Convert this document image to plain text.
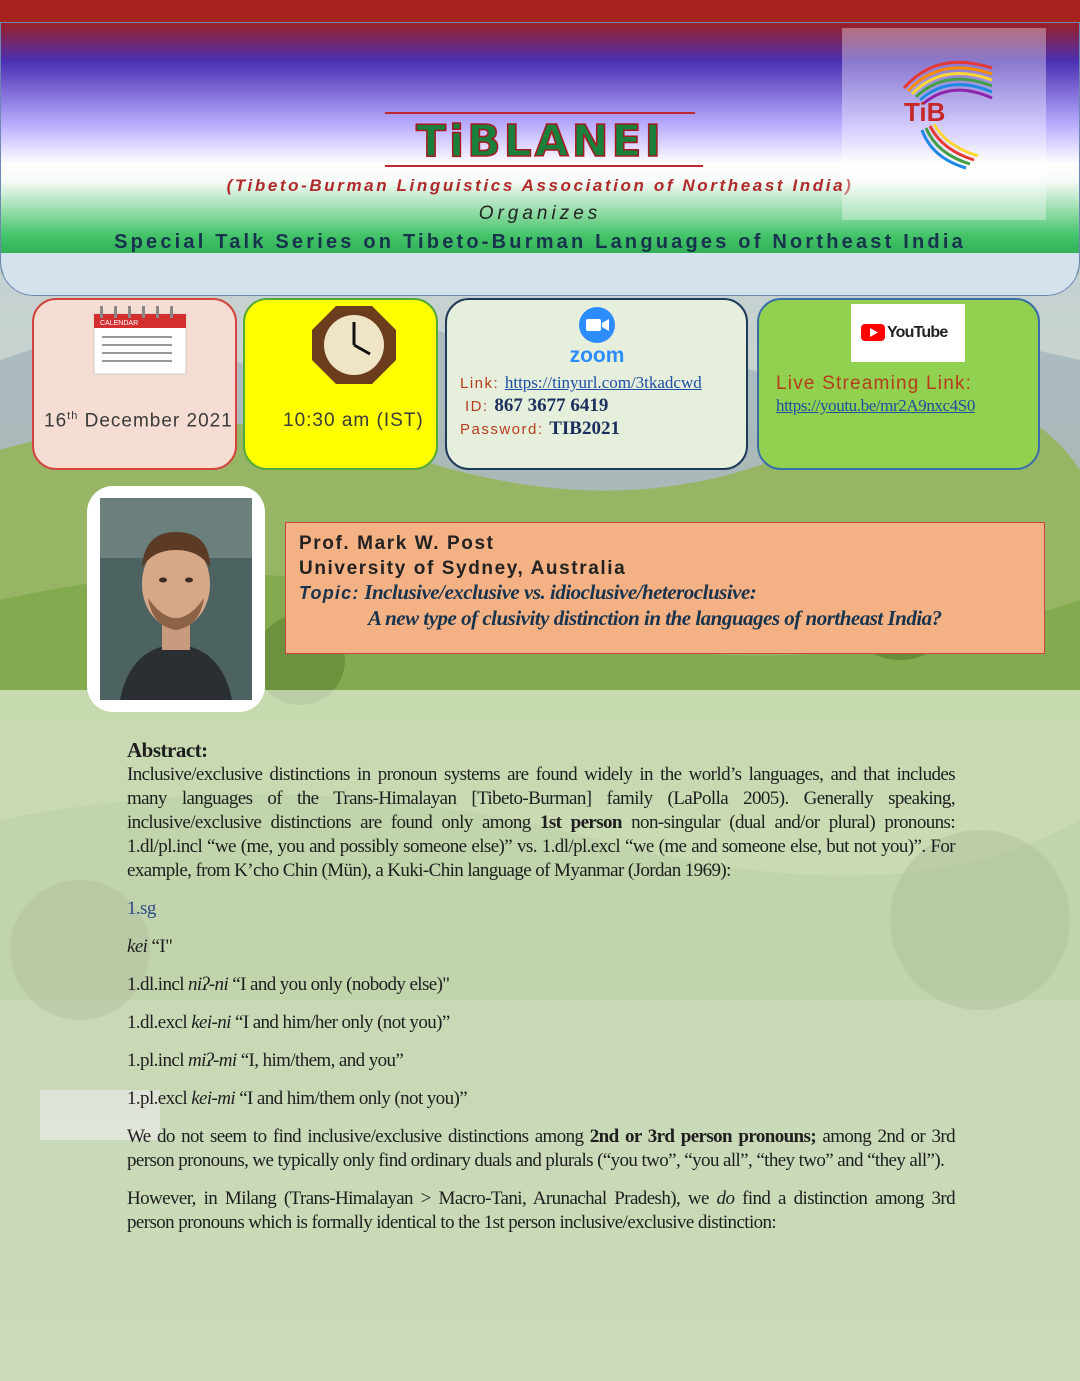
TiBLANEI
(Tibeto-Burman Linguistics Association of Northeast India)
Organizes
Special Talk Series on Tibeto-Burman Languages of Northeast India
TiB
CALENDAR
16th December 2021	10:30 am (IST)
zoom
Link: https://tinyurl.com/3tkadcwd
ID: 867 3677 6419
Password: TIB2021
YouTube
Live Streaming Link:
https://youtu.be/mr2A9nxc4S0
Prof. Mark W. Post
University of Sydney, Australia
Topic: Inclusive/exclusive vs. idioclusive/heteroclusive:
A new type of clusivity distinction in the languages of northeast India?
Abstract:
Inclusive/exclusive distinctions in pronoun systems are found widely in the world’s languages, and that includes many languages of the Trans-Himalayan [Tibeto-Burman] family (LaPolla 2005). Generally speaking, inclusive/exclusive distinctions are found only among 1st person non-singular (dual and/or plural) pronouns: 1.dl/pl.incl “we (me, you and possibly someone else)” vs. 1.dl/pl.excl “we (me and someone else, but not you)”. For example, from K’cho Chin (Mün), a Kuki-Chin language of Myanmar (Jordan 1969):
1.sg
kei “I"
1.dl.incl niʔ-ni “I and you only (nobody else)"
1.dl.excl kei-ni “I and him/her only (not you)”
1.pl.incl miʔ-mi “I, him/them, and you”
1.pl.excl kei-mi “I and him/them only (not you)”
We do not seem to find inclusive/exclusive distinctions among 2nd or 3rd person pronouns; among 2nd or 3rd person pronouns, we typically only find ordinary duals and plurals (“you two”, “you all”, “they two” and “they all”).
However, in Milang (Trans-Himalayan > Macro-Tani, Arunachal Pradesh), we do find a distinction among 3rd person pronouns which is formally identical to the 1st person inclusive/exclusive distinction:
